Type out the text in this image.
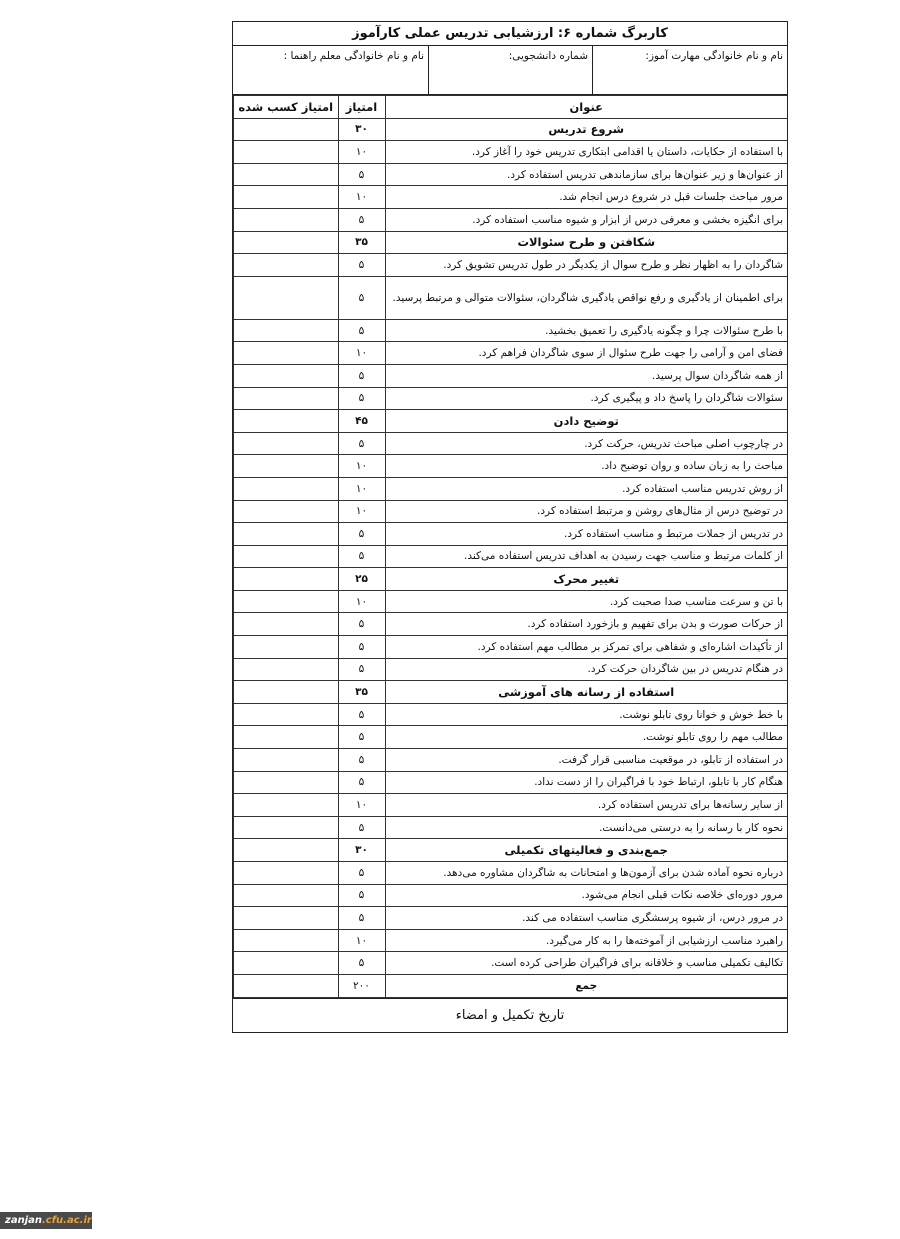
کاربرگ شماره ۶: ارزشیابی تدریس عملی کارآموز
نام و نام خانوادگی مهارت آموز:
شماره دانشجویی:
نام و نام خانوادگی معلم راهنما :
عنوان	امتیاز	امتیاز کسب شده
شروع تدریس	۳۰	
با استفاده از حکایات، داستان یا اقدامی ابتکاری تدریس خود را آغاز کرد.	۱۰	
از عنوان‌ها و زیر عنوان‌ها برای سازماندهی تدریس استفاده کرد.	۵	
مرور مباحث جلسات قبل در شروع درس انجام شد.	۱۰	
برای انگیزه بخشی و معرفی درس از ابزار و شیوه مناسب استفاده کرد.	۵	
شکافتن و طرح سئوالات	۳۵	
شاگردان را به اظهار نظر و طرح سوال از یکدیگر در طول تدریس تشویق کرد.	۵	
برای اطمینان از یادگیری و رفع نواقص یادگیری شاگردان، سئوالات متوالی و مرتبط پرسید.	۵	
با طرح سئوالات چرا و چگونه یادگیری را تعمیق بخشید.	۵	
فضای امن و آرامی را جهت طرح سئوال از سوی شاگردان فراهم کرد.	۱۰	
از همه شاگردان سوال پرسید.	۵	
سئوالات شاگردان را پاسخ داد و پیگیری کرد.	۵	
توضیح دادن	۴۵	
در چارچوب اصلی مباحث تدریس، حرکت کرد.	۵	
مباحث را به زبان ساده و روان توضیح داد.	۱۰	
از روش تدریس مناسب استفاده کرد.	۱۰	
در توضیح درس از مثال‌های روشن و مرتبط استفاده کرد.	۱۰	
در تدریس از جملات مرتبط و مناسب استفاده کرد.	۵	
از کلمات مرتبط و مناسب جهت رسیدن به اهداف تدریس استفاده می‌کند.	۵	
تغییر محرک	۲۵	
با تن و سرعت مناسب صدا صحبت کرد.	۱۰	
از حرکات صورت و بدن برای تفهیم و بازخورد استفاده کرد.	۵	
از تأکیدات اشاره‌ای و شفاهی برای تمرکز بر مطالب مهم استفاده کرد.	۵	
در هنگام تدریس در بین شاگردان حرکت کرد.	۵	
استفاده از رسانه های آموزشی	۳۵	
با خط خوش و خوانا روی تابلو نوشت.	۵	
مطالب مهم را روی تابلو نوشت.	۵	
در استفاده از تابلو، در موقعیت مناسبی قرار گرفت.	۵	
هنگام کار با تابلو، ارتباط خود با فراگیران را از دست نداد.	۵	
از سایر رسانه‌ها برای تدریس استفاده کرد.	۱۰	
نحوه کار با رسانه را به درستی می‌دانست.	۵	
جمع‌بندی و فعالیتهای تکمیلی	۳۰	
درباره نحوه آماده شدن برای آزمون‌ها و امتحانات به شاگردان مشاوره می‌دهد.	۵	
مرور دوره‌ای خلاصه نکات قبلی انجام می‌شود.	۵	
در مرور درس، از شیوه پرسشگری مناسب استفاده می کند.	۵	
راهبرد مناسب ارزشیابی از آموخته‌ها را به کار می‌گیرد.	۱۰	
تکالیف تکمیلی مناسب و خلاقانه برای فراگیران طراحی کرده است.	۵	
جمع	۲۰۰	
تاریخ تکمیل و امضاء
zanjan.cfu.ac.ir
